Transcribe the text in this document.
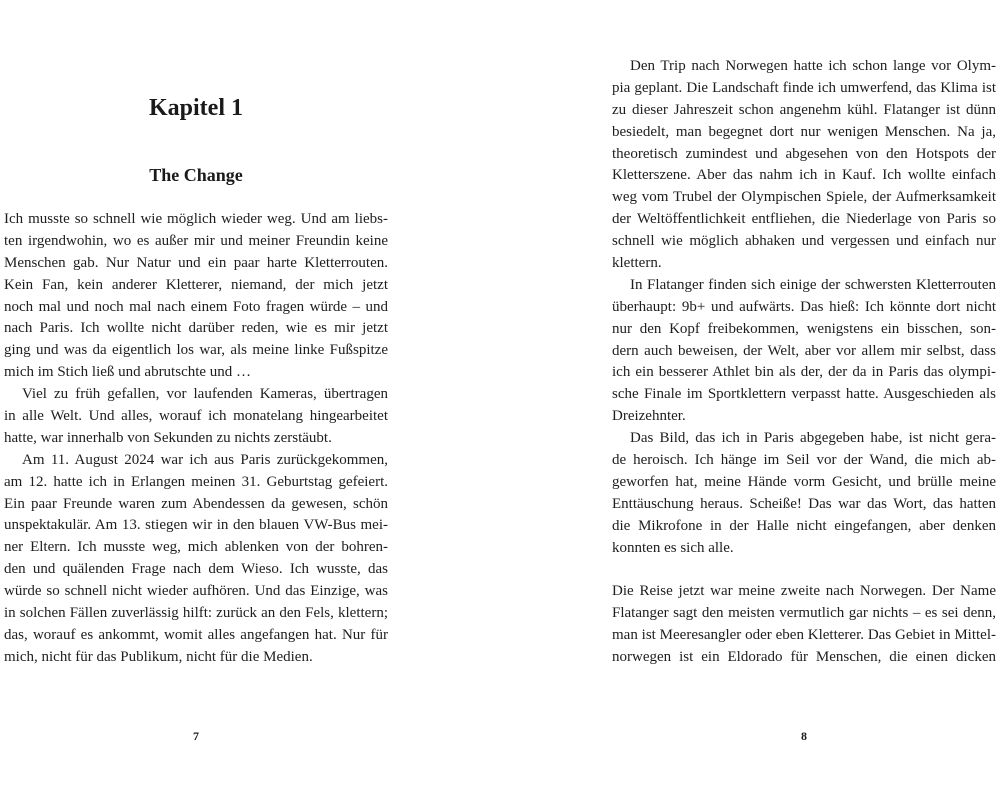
Kapitel 1
The Change
Ich musste so schnell wie möglich wieder weg. Und am liebs-
ten irgendwohin, wo es außer mir und meiner Freundin keine
Menschen gab. Nur Natur und ein paar harte Kletterrouten.
Kein Fan, kein anderer Kletterer, niemand, der mich jetzt
noch mal und noch mal nach einem Foto fragen würde – und
nach Paris. Ich wollte nicht darüber reden, wie es mir jetzt
ging und was da eigentlich los war, als meine linke Fußspitze
mich im Stich ließ und abrutschte und …
Viel zu früh gefallen, vor laufenden Kameras, übertragen
in alle Welt. Und alles, worauf ich monatelang hingearbeitet
hatte, war innerhalb von Sekunden zu nichts zerstäubt.
Am 11. August 2024 war ich aus Paris zurückgekommen,
am 12. hatte ich in Erlangen meinen 31. Geburtstag gefeiert.
Ein paar Freunde waren zum Abendessen da gewesen, schön
unspektakulär. Am 13. stiegen wir in den blauen VW-Bus mei-
ner Eltern. Ich musste weg, mich ablenken von der bohren-
den und quälenden Frage nach dem Wieso. Ich wusste, das
würde so schnell nicht wieder aufhören. Und das Einzige, was
in solchen Fällen zuverlässig hilft: zurück an den Fels, klettern;
das, worauf es ankommt, womit alles angefangen hat. Nur für
mich, nicht für das Publikum, nicht für die Medien.
7
Den Trip nach Norwegen hatte ich schon lange vor Olym-
pia geplant. Die Landschaft finde ich umwerfend, das Klima ist
zu dieser Jahreszeit schon angenehm kühl. Flatanger ist dünn
besiedelt, man begegnet dort nur wenigen Menschen. Na ja,
theoretisch zumindest und abgesehen von den Hotspots der
Kletterszene. Aber das nahm ich in Kauf. Ich wollte einfach
weg vom Trubel der Olympischen Spiele, der Aufmerksamkeit
der Weltöffentlichkeit entfliehen, die Niederlage von Paris so
schnell wie möglich abhaken und vergessen und einfach nur
klettern.
In Flatanger finden sich einige der schwersten Kletterrouten
überhaupt: 9b+ und aufwärts. Das hieß: Ich könnte dort nicht
nur den Kopf freibekommen, wenigstens ein bisschen, son-
dern auch beweisen, der Welt, aber vor allem mir selbst, dass
ich ein besserer Athlet bin als der, der da in Paris das olympi-
sche Finale im Sportklettern verpasst hatte. Ausgeschieden als
Dreizehnter.
Das Bild, das ich in Paris abgegeben habe, ist nicht gera-
de heroisch. Ich hänge im Seil vor der Wand, die mich ab-
geworfen hat, meine Hände vorm Gesicht, und brülle meine
Enttäuschung heraus. Scheiße! Das war das Wort, das hatten
die Mikrofone in der Halle nicht eingefangen, aber denken
konnten es sich alle.
Die Reise jetzt war meine zweite nach Norwegen. Der Name
Flatanger sagt den meisten vermutlich gar nichts – es sei denn,
man ist Meeresangler oder eben Kletterer. Das Gebiet in Mittel-
norwegen ist ein Eldorado für Menschen, die einen dicken
8
